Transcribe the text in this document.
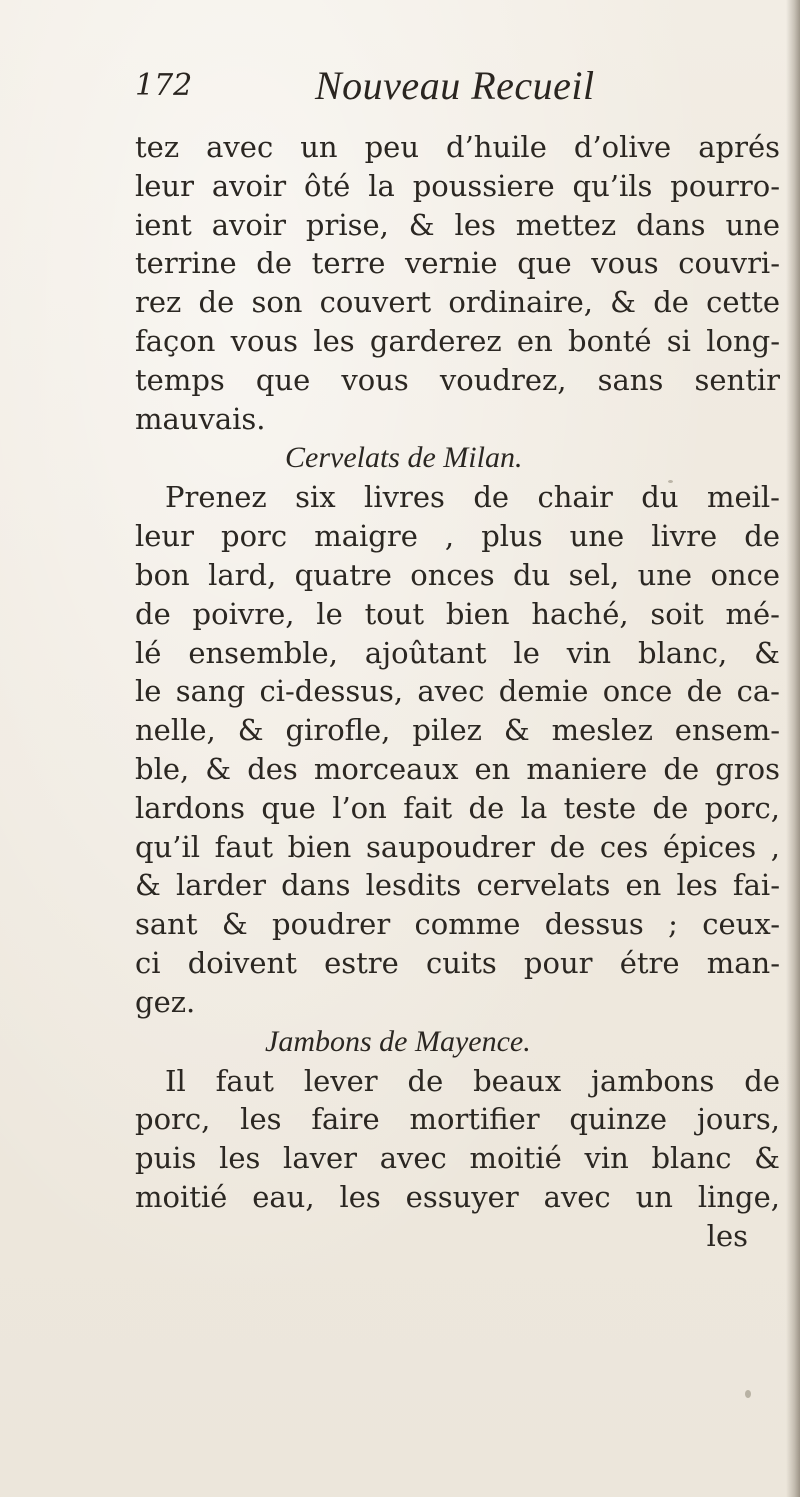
172	Nouveau Recueil
tez avec un peu d’huile d’olive aprés
leur avoir ôté la poussiere qu’ils pourro-
ient avoir prise, & les mettez dans une
terrine de terre vernie que vous couvri-
rez de son couvert ordinaire, & de cette
façon vous les garderez en bonté si long-
temps que vous voudrez, sans sentir
mauvais.
Cervelats de Milan.
Prenez six livres de chair du meil-
leur porc maigre , plus une livre de
bon lard, quatre onces du sel, une once
de poivre, le tout bien haché, soit mé-
lé ensemble, ajoûtant le vin blanc, &
le sang ci-dessus, avec demie once de ca-
nelle, & girofle, pilez & meslez ensem-
ble, & des morceaux en maniere de gros
lardons que l’on fait de la teste de porc,
qu’il faut bien saupoudrer de ces épices ,
& larder dans lesdits cervelats en les fai-
sant & poudrer comme dessus ; ceux-
ci doivent estre cuits pour étre man-
gez.
Jambons de Mayence.
Il faut lever de beaux jambons de
porc, les faire mortifier quinze jours,
puis les laver avec moitié vin blanc &
moitié eau, les essuyer avec un linge,
les
